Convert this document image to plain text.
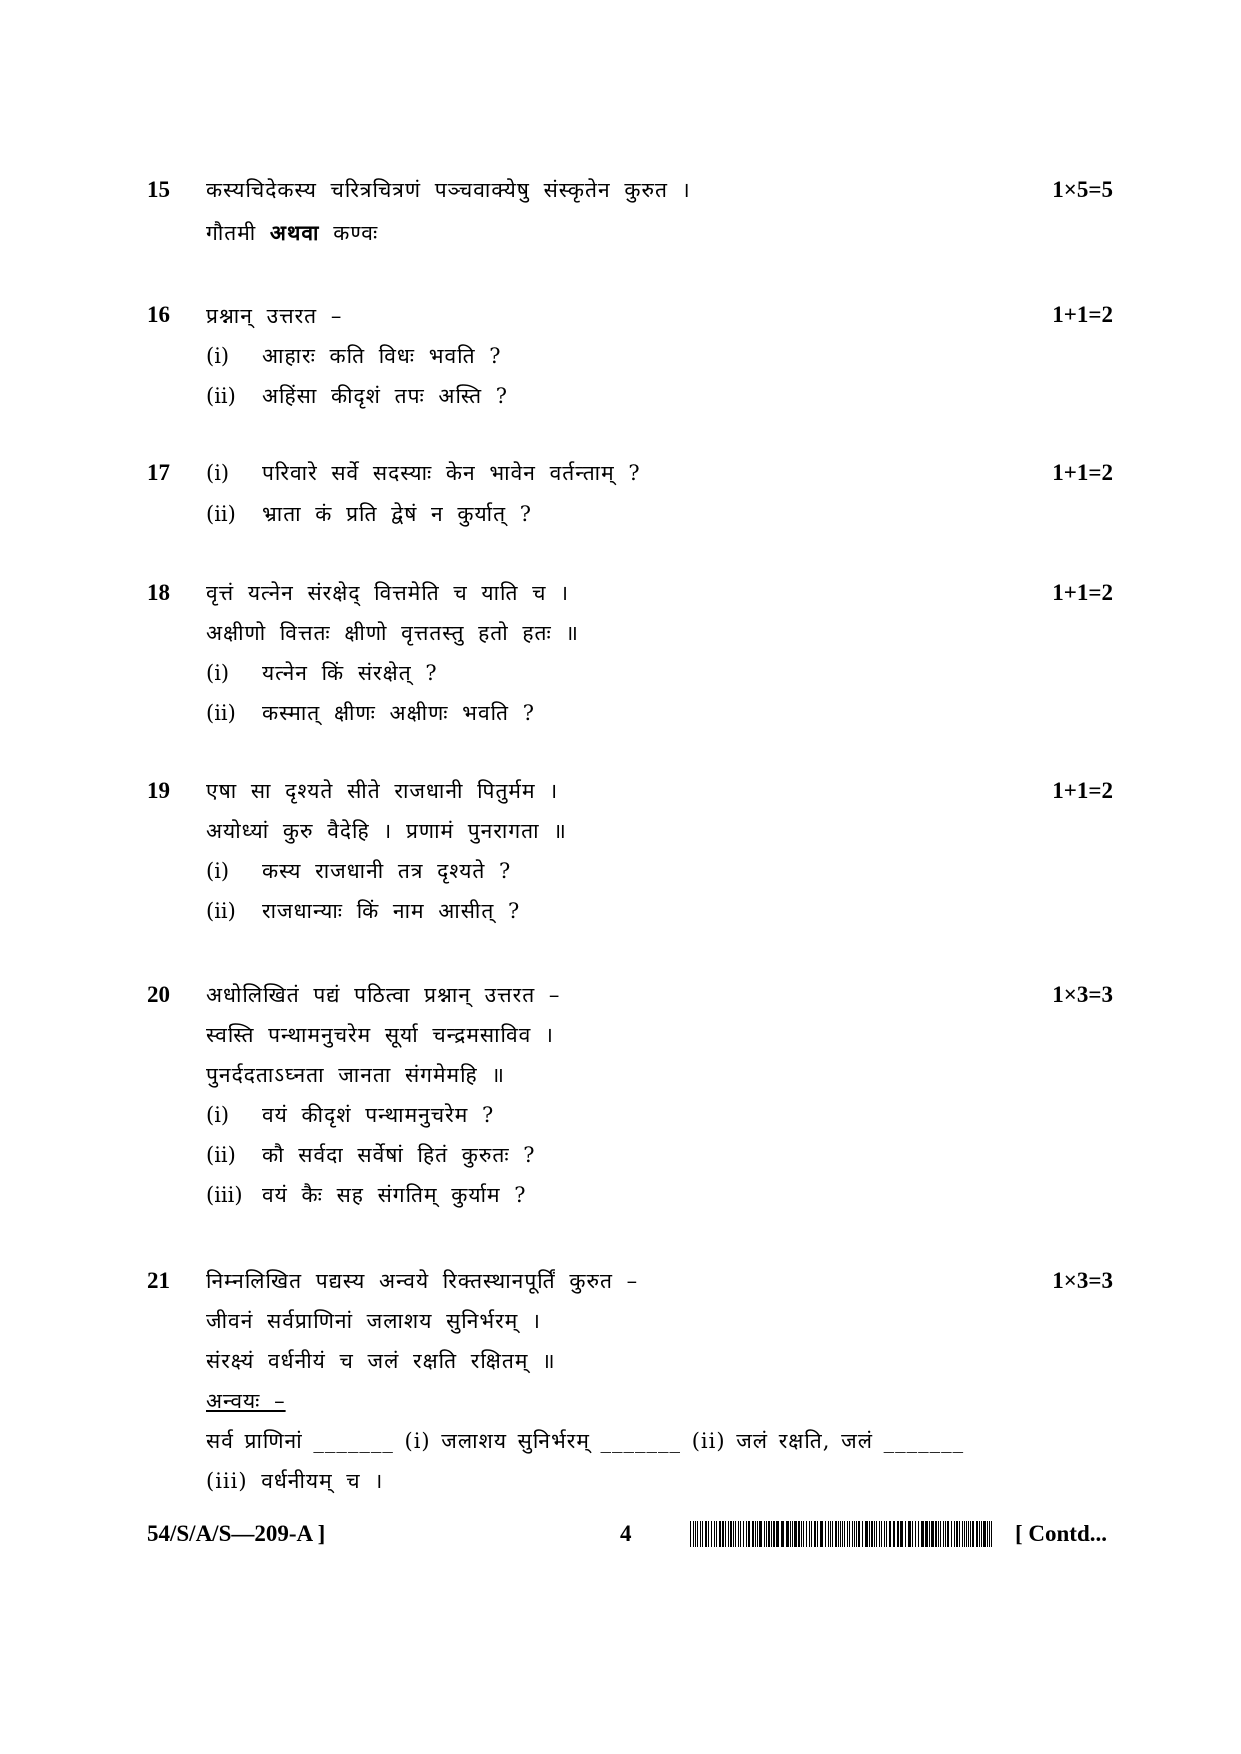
15 कस्यचिदेकस्य चरित्रचित्रणं पञ्चवाक्येषु संस्कृतेन कुरुत ।	1×5=5
गौतमी अथवा कण्वः
16 प्रश्नान् उत्तरत –	1+1=2
(i) आहारः कति विधः भवति ?
(ii) अहिंसा कीदृशं तपः अस्ति ?
17	1+1=2
(i) परिवारे सर्वे सदस्याः केन भावेन वर्तन्ताम् ?
(ii) भ्राता कं प्रति द्वेषं न कुर्यात् ?
18	1+1=2
वृत्तं यत्नेन संरक्षेद् वित्तमेति च याति च ।
अक्षीणो वित्ततः क्षीणो वृत्ततस्तु हतो हतः ॥
(i) यत्नेन किं संरक्षेत् ?
(ii) कस्मात् क्षीणः अक्षीणः भवति ?
19	1+1=2
एषा सा दृश्यते सीते राजधानी पितुर्मम ।
अयोध्यां कुरु वैदेहि । प्रणामं पुनरागता ॥
(i) कस्य राजधानी तत्र दृश्यते ?
(ii) राजधान्याः किं नाम आसीत् ?
20 अधोलिखितं पद्यं पठित्वा प्रश्नान् उत्तरत –	1×3=3
स्वस्ति पन्थामनुचरेम सूर्या चन्द्रमसाविव ।
पुनर्ददताऽघ्नता जानता संगमेमहि ॥
(i) वयं कीदृशं पन्थामनुचरेम ?
(ii) कौ सर्वदा सर्वेषां हितं कुरुतः ?
(iii) वयं कैः सह संगतिम् कुर्याम ?
21 निम्नलिखित पद्यस्य अन्वये रिक्तस्थानपूर्तिं कुरुत –	1×3=3
जीवनं सर्वप्राणिनां जलाशय सुनिर्भरम् ।
संरक्ष्यं वर्धनीयं च जलं रक्षति रक्षितम् ॥
अन्वयः –
सर्व प्राणिनां _______ (i) जलाशय सुनिर्भरम् _______ (ii) जलं रक्षति, जलं _______
(iii) वर्धनीयम् च ।
54/S/A/S—209-A ]	4	[ Contd...
